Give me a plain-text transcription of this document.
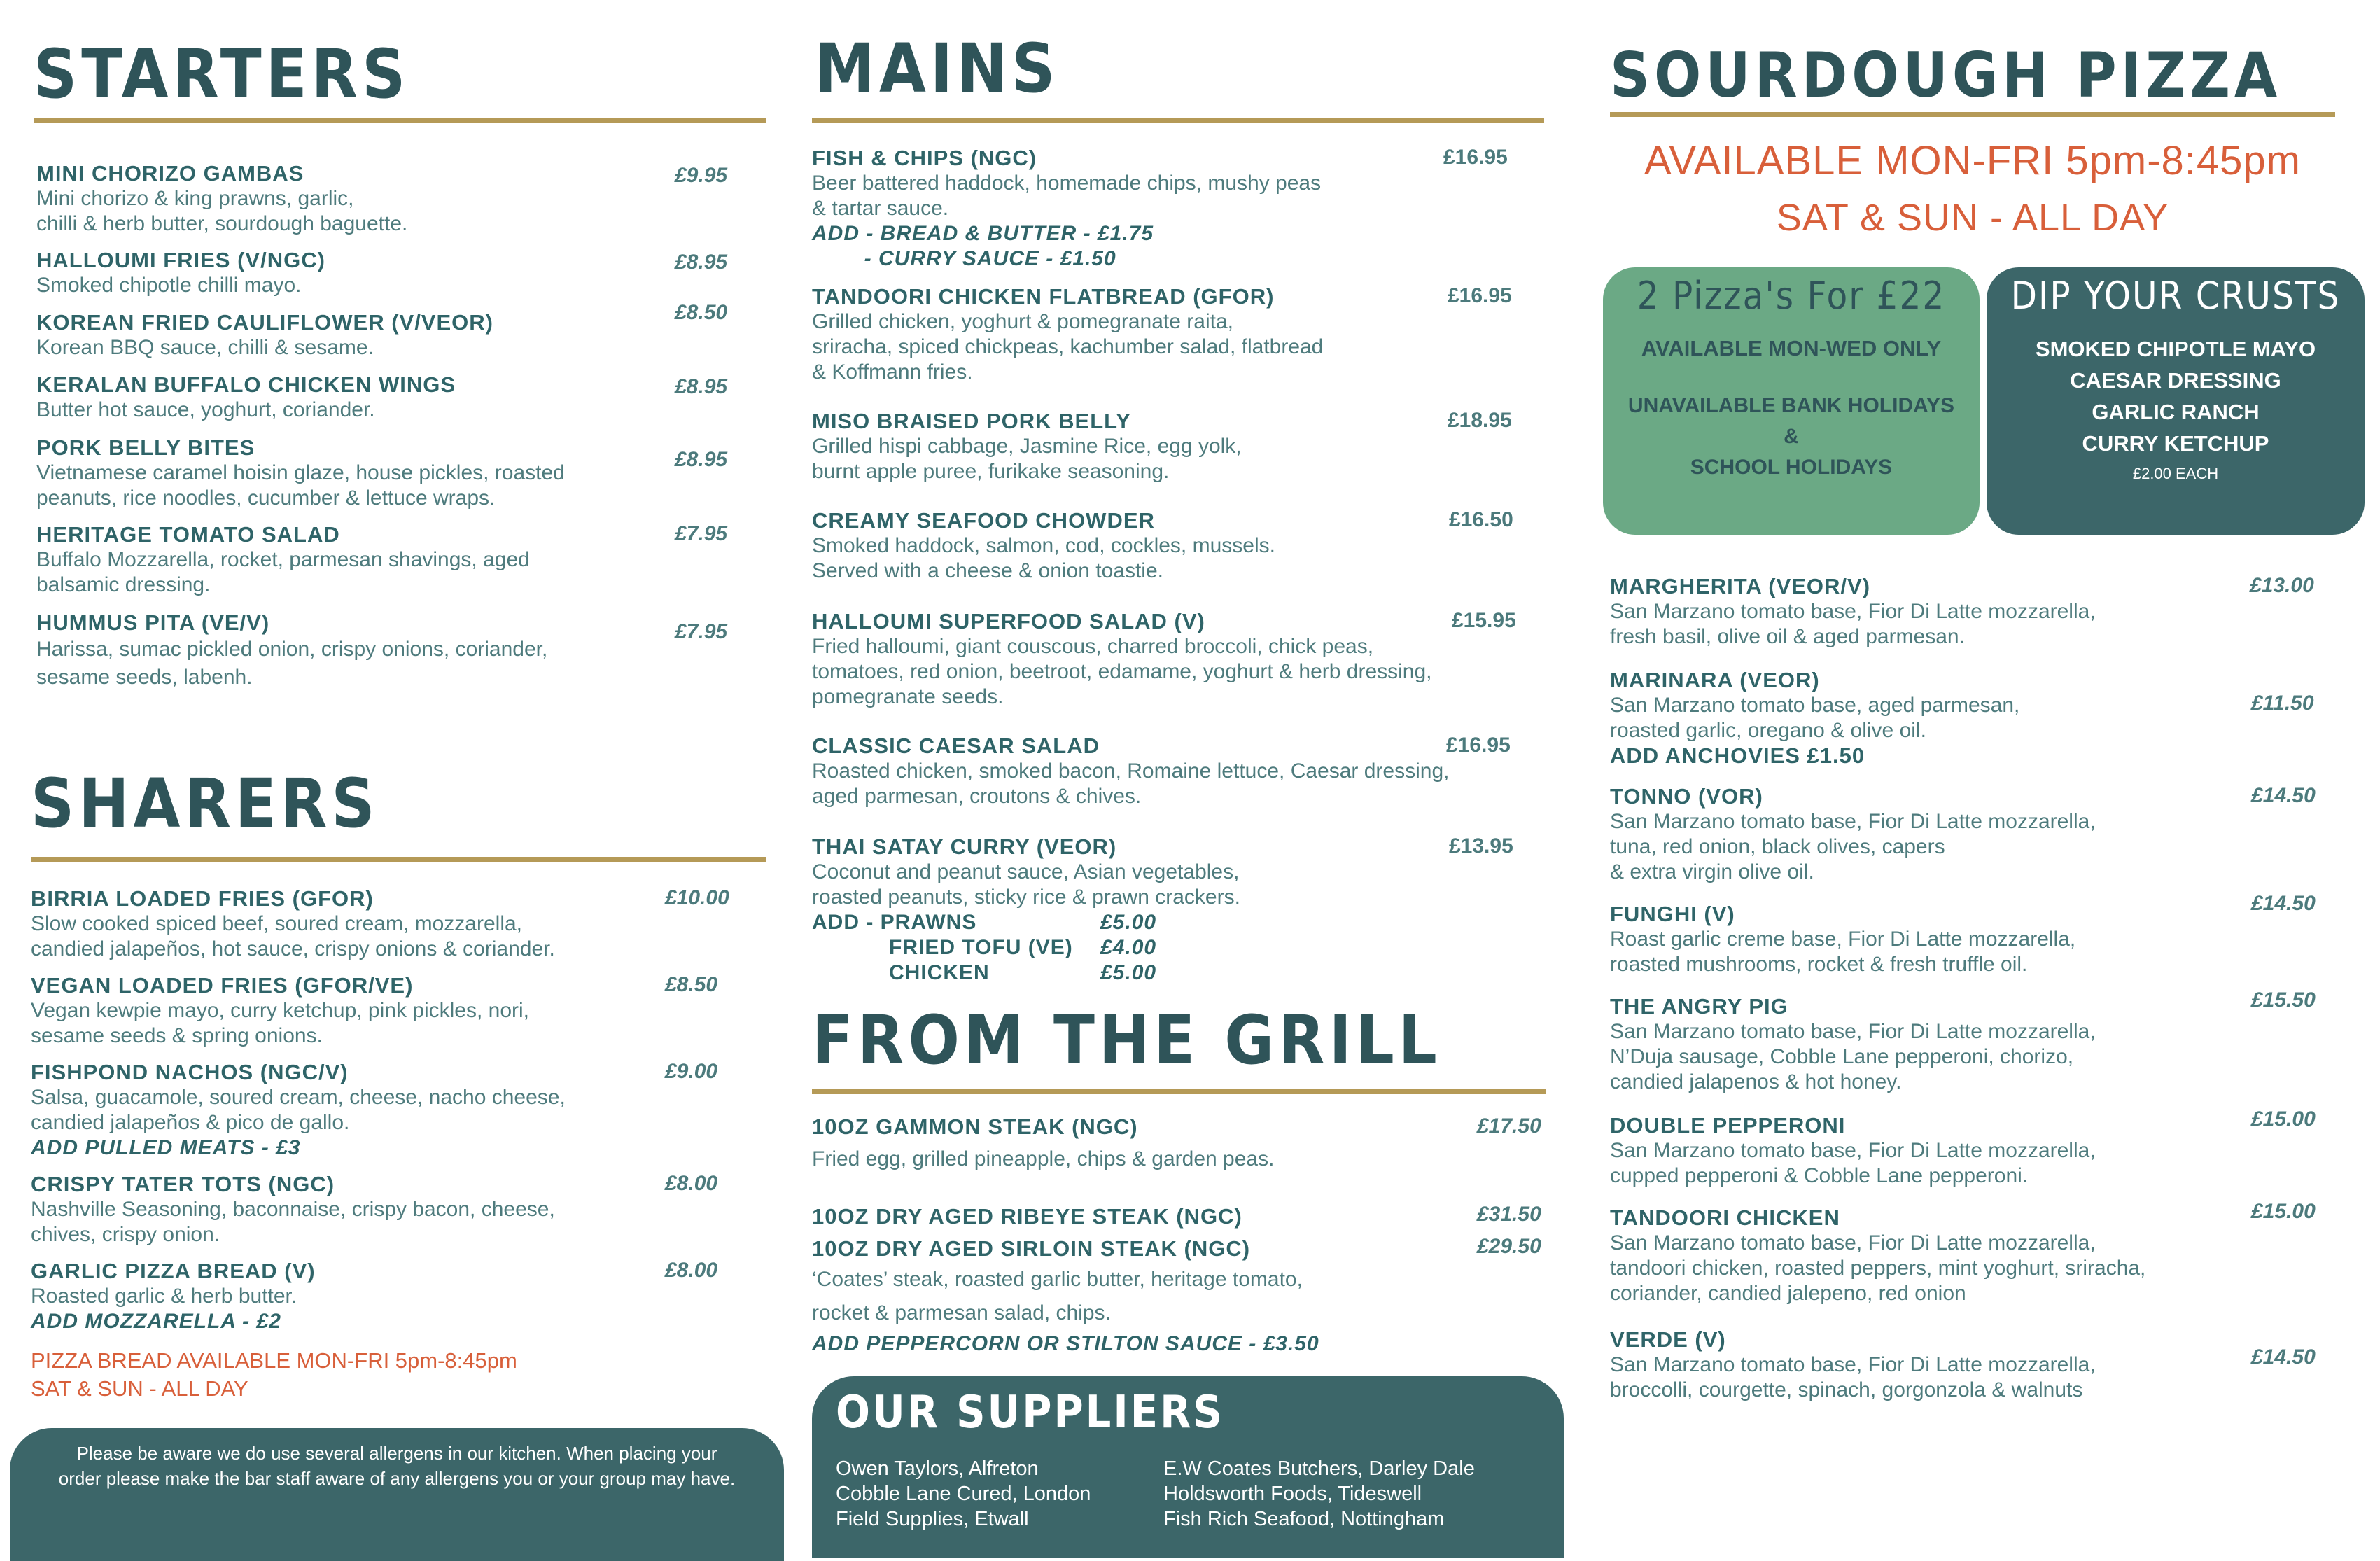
STARTERS
MINI CHORIZO GAMBAS
Mini chorizo & king prawns, garlic,
chilli & herb butter, sourdough baguette.
£9.95
HALLOUMI FRIES (V/NGC)
Smoked chipotle chilli mayo.
£8.95
KOREAN FRIED CAULIFLOWER (V/VEOR)
Korean BBQ sauce, chilli & sesame.
£8.50
KERALAN BUFFALO CHICKEN WINGS
Butter hot sauce, yoghurt, coriander.
£8.95
PORK BELLY BITES
Vietnamese caramel hoisin glaze, house pickles, roasted
peanuts, rice noodles, cucumber & lettuce wraps.
£8.95
HERITAGE TOMATO SALAD
Buffalo Mozzarella, rocket, parmesan shavings, aged
balsamic dressing.
£7.95
HUMMUS PITA (VE/V)
Harissa, sumac pickled onion, crispy onions, coriander,
sesame seeds, labenh.
£7.95
SHARERS
BIRRIA LOADED FRIES (GFOR)
Slow cooked spiced beef, soured cream, mozzarella,
candied jalapeños, hot sauce, crispy onions & coriander.
£10.00
VEGAN LOADED FRIES (GFOR/VE)
Vegan kewpie mayo, curry ketchup, pink pickles, nori,
sesame seeds & spring onions.
£8.50
FISHPOND NACHOS (NGC/V)
Salsa, guacamole, soured cream, cheese, nacho cheese,
candied jalapeños & pico de gallo.
ADD PULLED MEATS - £3
£9.00
CRISPY TATER TOTS (NGC)
Nashville Seasoning, baconnaise, crispy bacon, cheese,
chives, crispy onion.
£8.00
GARLIC PIZZA BREAD (V)
Roasted garlic & herb butter.
ADD MOZZARELLA - £2
£8.00
PIZZA BREAD AVAILABLE MON-FRI 5pm-8:45pm
SAT & SUN - ALL DAY
Please be aware we do use several allergens in our kitchen. When placing your
order please make the bar staff aware of any allergens you or your group may have.
MAINS
FISH & CHIPS (NGC)
Beer battered haddock, homemade chips, mushy peas
& tartar sauce.
ADD - BREAD & BUTTER - £1.75
- CURRY SAUCE - £1.50
£16.95
TANDOORI CHICKEN FLATBREAD (GFOR)
Grilled chicken, yoghurt & pomegranate raita,
sriracha, spiced chickpeas, kachumber salad, flatbread
& Koffmann fries.
£16.95
MISO BRAISED PORK BELLY
Grilled hispi cabbage, Jasmine Rice, egg yolk,
burnt apple puree, furikake seasoning.
£18.95
CREAMY SEAFOOD CHOWDER
Smoked haddock, salmon, cod, cockles, mussels.
Served with a cheese & onion toastie.
£16.50
HALLOUMI SUPERFOOD SALAD (V)
Fried halloumi, giant couscous, charred broccoli, chick peas,
tomatoes, red onion, beetroot, edamame, yoghurt & herb dressing,
pomegranate seeds.
£15.95
CLASSIC CAESAR SALAD
Roasted chicken, smoked bacon, Romaine lettuce, Caesar dressing,
aged parmesan, croutons & chives.
£16.95
THAI SATAY CURRY (VEOR)
Coconut and peanut sauce, Asian vegetables,
roasted peanuts, sticky rice & prawn crackers.
£13.95
ADD - PRAWNS
FRIED TOFU (VE)
CHICKEN
£5.00
£4.00
£5.00
FROM THE GRILL
10OZ GAMMON STEAK (NGC)
Fried egg, grilled pineapple, chips & garden peas.
£17.50
10OZ DRY AGED RIBEYE STEAK (NGC)
10OZ DRY AGED SIRLOIN STEAK (NGC)
‘Coates’ steak, roasted garlic butter, heritage tomato,
rocket & parmesan salad, chips.
ADD PEPPERCORN OR STILTON SAUCE - £3.50
£31.50
£29.50
OUR SUPPLIERS
Owen Taylors, Alfreton
Cobble Lane Cured, London
Field Supplies, Etwall
E.W Coates Butchers, Darley Dale
Holdsworth Foods, Tideswell
Fish Rich Seafood, Nottingham
SOURDOUGH PIZZA
AVAILABLE MON-FRI 5pm-8:45pm
SAT & SUN - ALL DAY
2 Pizza's For £22
AVAILABLE MON-WED ONLY
UNAVAILABLE BANK HOLIDAYS
&
SCHOOL HOLIDAYS
DIP YOUR CRUSTS
SMOKED CHIPOTLE MAYO
CAESAR DRESSING
GARLIC RANCH
CURRY KETCHUP
£2.00 EACH
MARGHERITA (VEOR/V)
San Marzano tomato base, Fior Di Latte mozzarella,
fresh basil, olive oil & aged parmesan.
£13.00
MARINARA (VEOR)
San Marzano tomato base, aged parmesan,
roasted garlic, oregano & olive oil.
ADD ANCHOVIES £1.50
£11.50
TONNO (VOR)
San Marzano tomato base, Fior Di Latte mozzarella,
tuna, red onion, black olives, capers
& extra virgin olive oil.
£14.50
FUNGHI (V)
Roast garlic creme base, Fior Di Latte mozzarella,
roasted mushrooms, rocket & fresh truffle oil.
£14.50
THE ANGRY PIG
San Marzano tomato base, Fior Di Latte mozzarella,
N’Duja sausage, Cobble Lane pepperoni, chorizo,
candied jalapenos & hot honey.
£15.50
DOUBLE PEPPERONI
San Marzano tomato base, Fior Di Latte mozzarella,
cupped pepperoni & Cobble Lane pepperoni.
£15.00
TANDOORI CHICKEN
San Marzano tomato base, Fior Di Latte mozzarella,
tandoori chicken, roasted peppers, mint yoghurt, sriracha,
coriander, candied jalepeno, red onion
£15.00
VERDE (V)
San Marzano tomato base, Fior Di Latte mozzarella,
broccolli, courgette, spinach, gorgonzola & walnuts
£14.50
